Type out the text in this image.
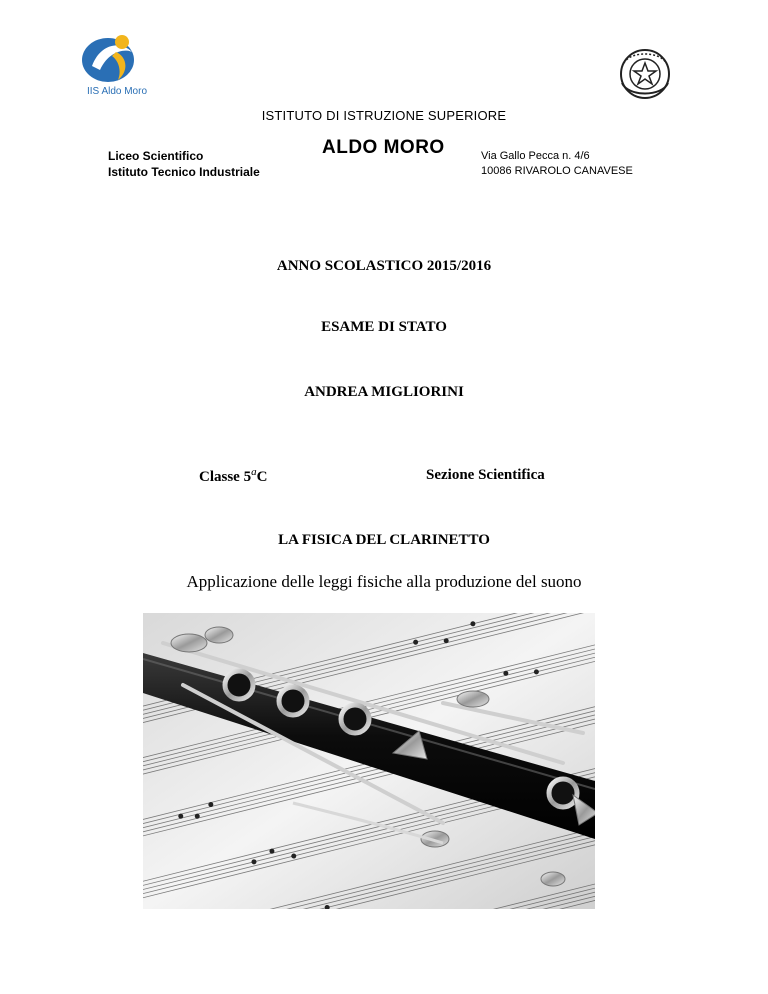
IIS Aldo Moro
ISTITUTO DI ISTRUZIONE SUPERIORE
Liceo Scientifico
Istituto Tecnico Industriale
ALDO MORO	Via Gallo Pecca n. 4/6
10086 RIVAROLO CANAVESE
ANNO SCOLASTICO 2015/2016
ESAME DI STATO
ANDREA MIGLIORINI
Classe 5$^a$C	Sezione Scientifica
LA FISICA DEL CLARINETTO
Applicazione delle leggi fisiche alla produzione del suono
